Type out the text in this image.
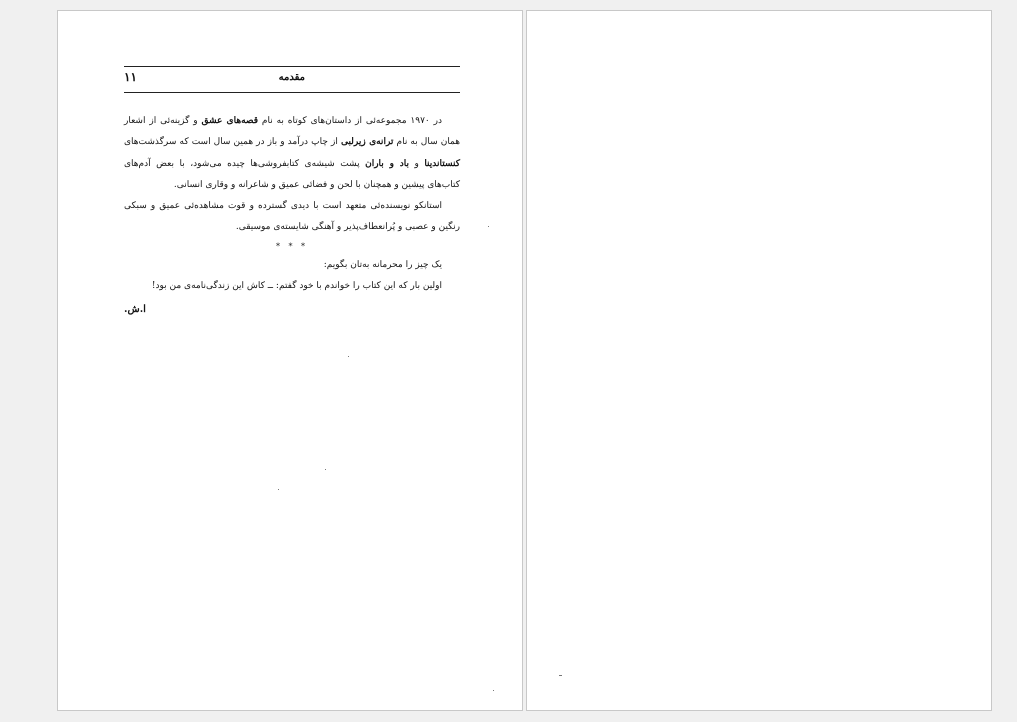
مقدمه
۱۱

در ۱۹۷۰ مجموعه‌ئی از داستان‌های کوتاه به نام قصه‌های عشق و گزینه‌ئی از اشعار همان سال به نام ترانه‌ی زیرلبی از چاپ درآمد و باز در همین سال است که سرگذشت‌های کنستاندینا و باد و باران پشت شیشه‌ی کتابفروشی‌ها چیده می‌شود، با بعض آدم‌های کتاب‌های پیشین و همچنان با لحن و فضائی عمیق و شاعرانه و وقاری انسانی.

استانکو نویسنده‌ئی متعهد است با دیدی گسترده و قوت مشاهده‌ئی عمیق و سبکی رنگین و عصبی و پُرانعطاف‌پذیر و آهنگی شایسته‌ی موسیقی.

* * *

یک چیز را محرمانه به‌تان بگویم:

اولین بار که این کتاب را خواندم با خود گفتم: ــ کاش این زندگی‌نامه‌ی من بود!

ا.ش.
